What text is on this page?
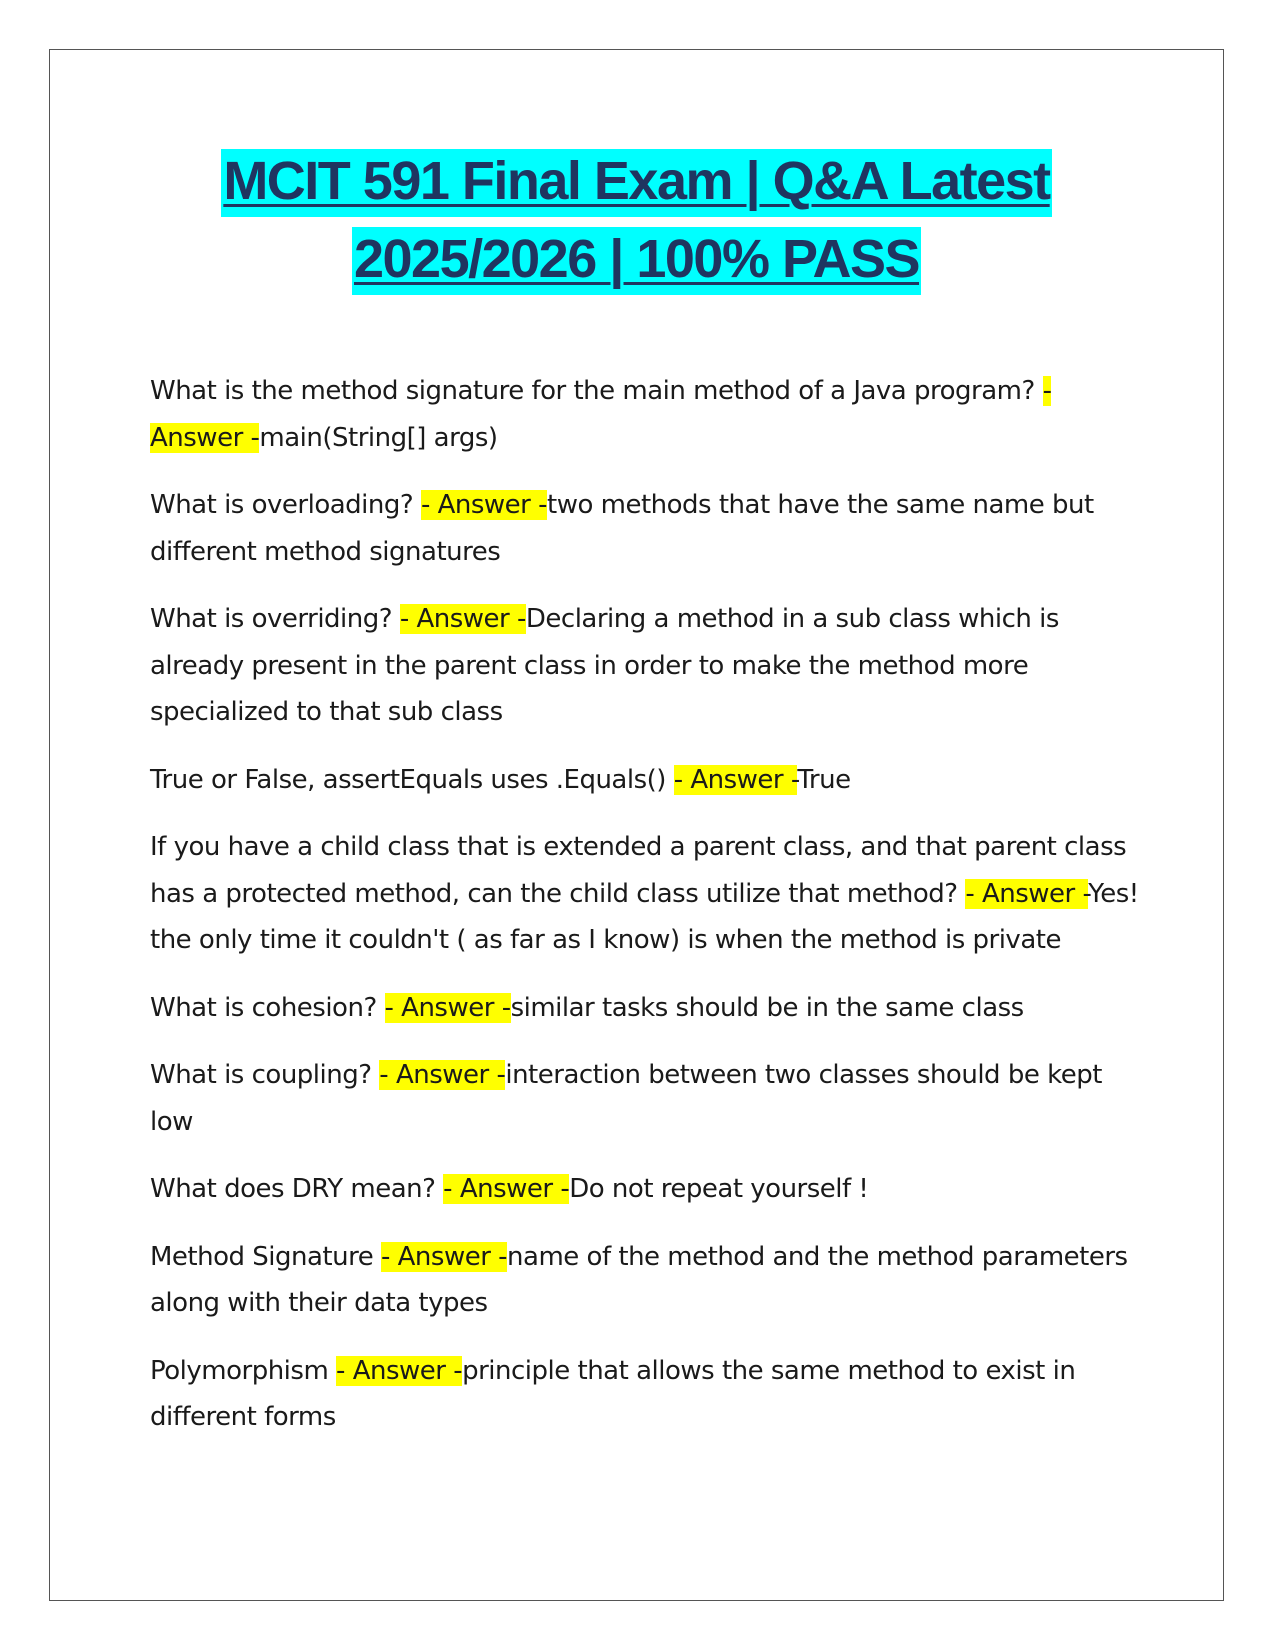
MCIT 591 Final Exam | Q&A Latest
2025/2026 | 100% PASS

What is the method signature for the main method of a Java program? - Answer -main(String[] args)

What is overloading? - Answer -two methods that have the same name but different method signatures

What is overriding? - Answer -Declaring a method in a sub class which is already present in the parent class in order to make the method more specialized to that sub class

True or False, assertEquals uses .Equals() - Answer -True

If you have a child class that is extended a parent class, and that parent class has a protected method, can the child class utilize that method? - Answer -Yes! the only time it couldn't ( as far as I know) is when the method is private

What is cohesion? - Answer -similar tasks should be in the same class

What is coupling? - Answer -interaction between two classes should be kept low

What does DRY mean? - Answer -Do not repeat yourself !

Method Signature - Answer -name of the method and the method parameters along with their data types

Polymorphism - Answer -principle that allows the same method to exist in different forms
